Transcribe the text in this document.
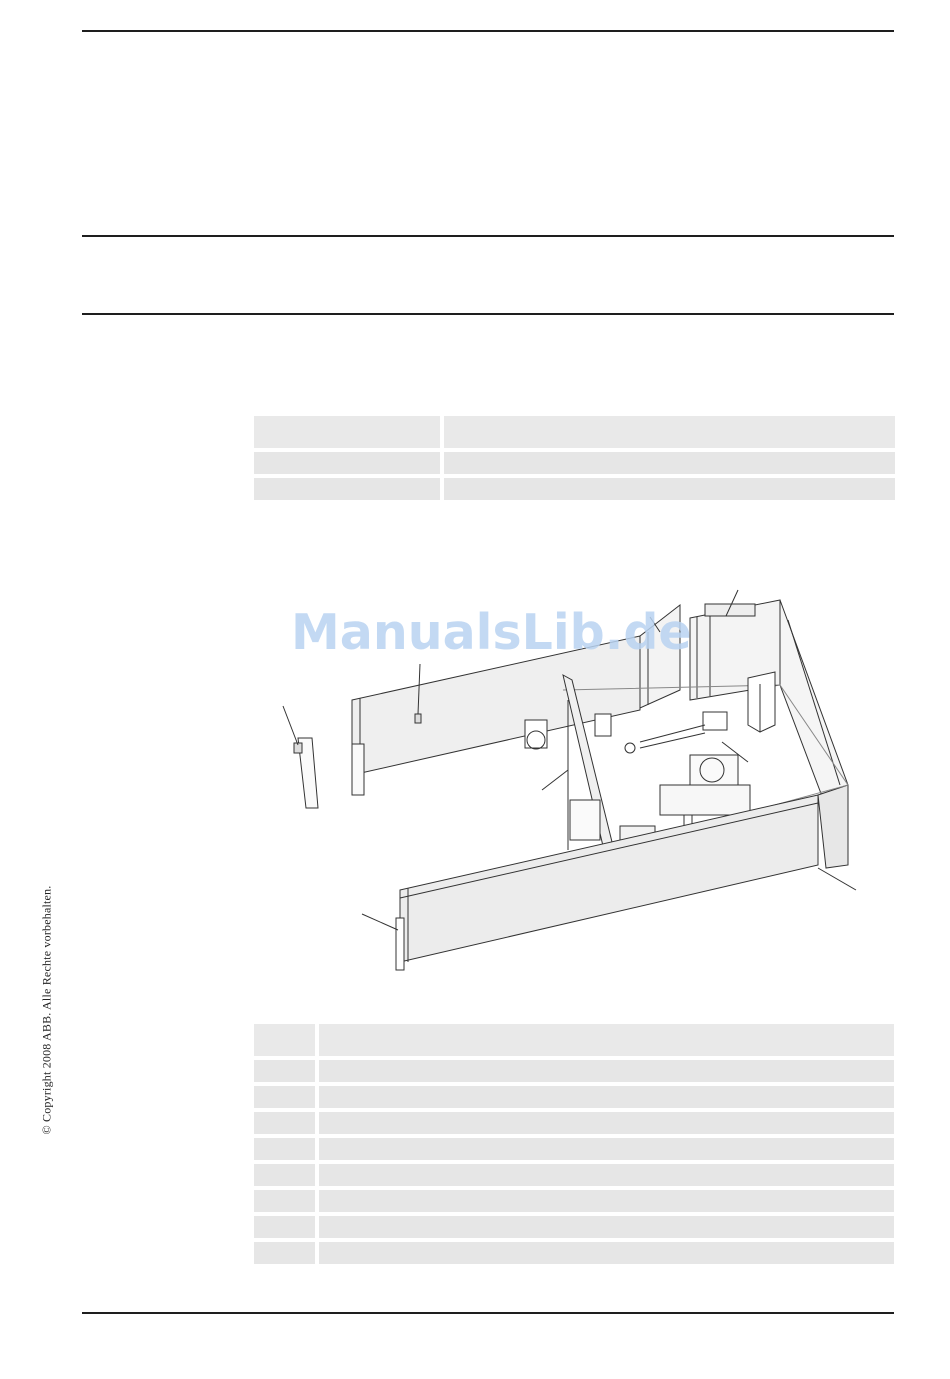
ManualsLib.de
© Copyright 2008 ABB. Alle Rechte vorbehalten.
